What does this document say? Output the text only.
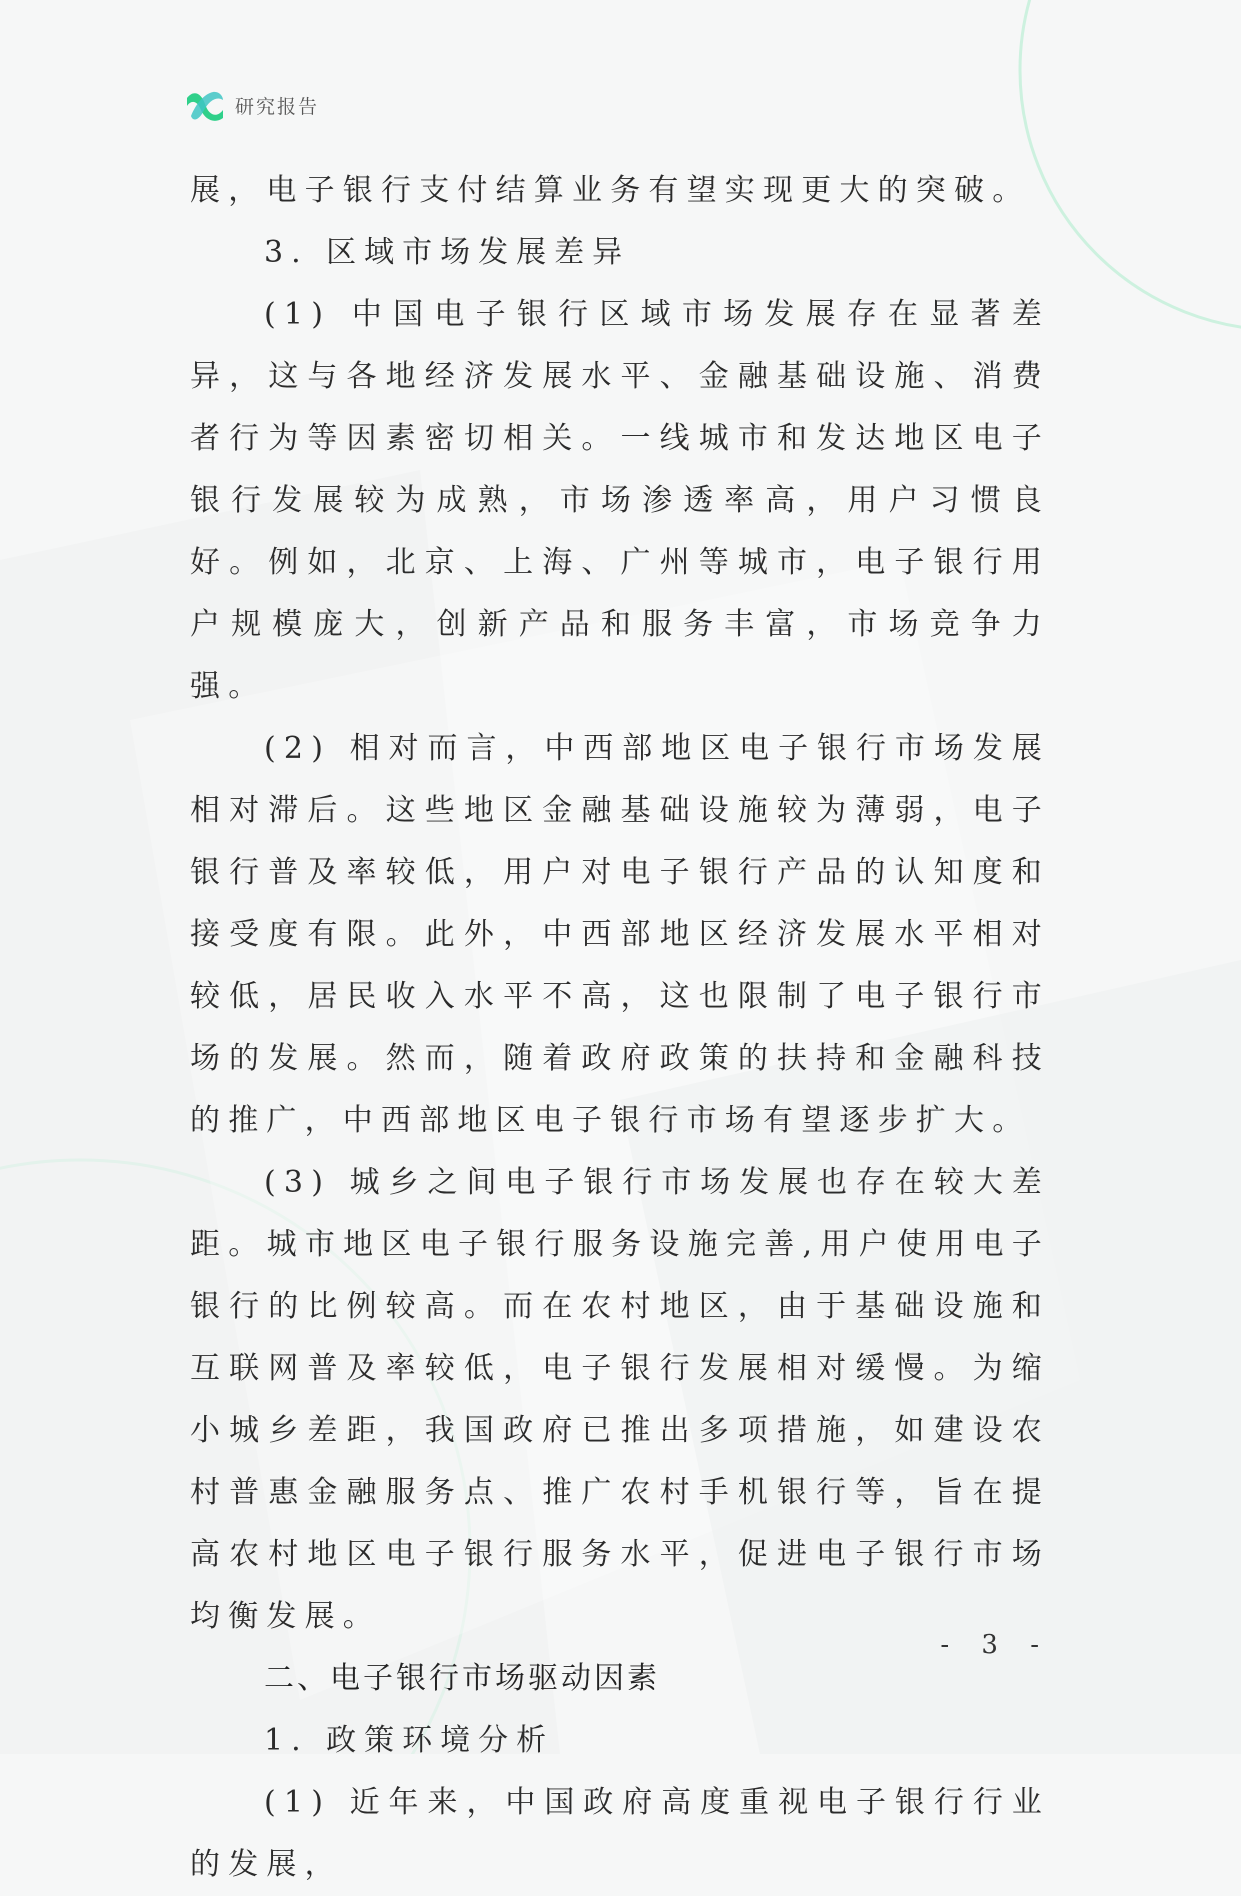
研究报告

展，电子银行支付结算业务有望实现更大的突破。

3. 区域市场发展差异

(1) 中国电子银行区域市场发展存在显著差异，这与各地经济发展水平、金融基础设施、消费者行为等因素密切相关。一线城市和发达地区电子银行发展较为成熟，市场渗透率高，用户习惯良好。例如，北京、上海、广州等城市，电子银行用户规模庞大，创新产品和服务丰富，市场竞争力强。

(2) 相对而言，中西部地区电子银行市场发展相对滞后。这些地区金融基础设施较为薄弱，电子银行普及率较低，用户对电子银行产品的认知度和接受度有限。此外，中西部地区经济发展水平相对较低，居民收入水平不高，这也限制了电子银行市场的发展。然而，随着政府政策的扶持和金融科技的推广，中西部地区电子银行市场有望逐步扩大。

(3) 城乡之间电子银行市场发展也存在较大差距。城市地区电子银行服务设施完善,用户使用电子银行的比例较高。而在农村地区，由于基础设施和互联网普及率较低，电子银行发展相对缓慢。为缩小城乡差距，我国政府已推出多项措施，如建设农村普惠金融服务点、推广农村手机银行等，旨在提高农村地区电子银行服务水平，促进电子银行市场均衡发展。

二、电子银行市场驱动因素

1. 政策环境分析

(1) 近年来，中国政府高度重视电子银行行业的发展，

- 3 -
